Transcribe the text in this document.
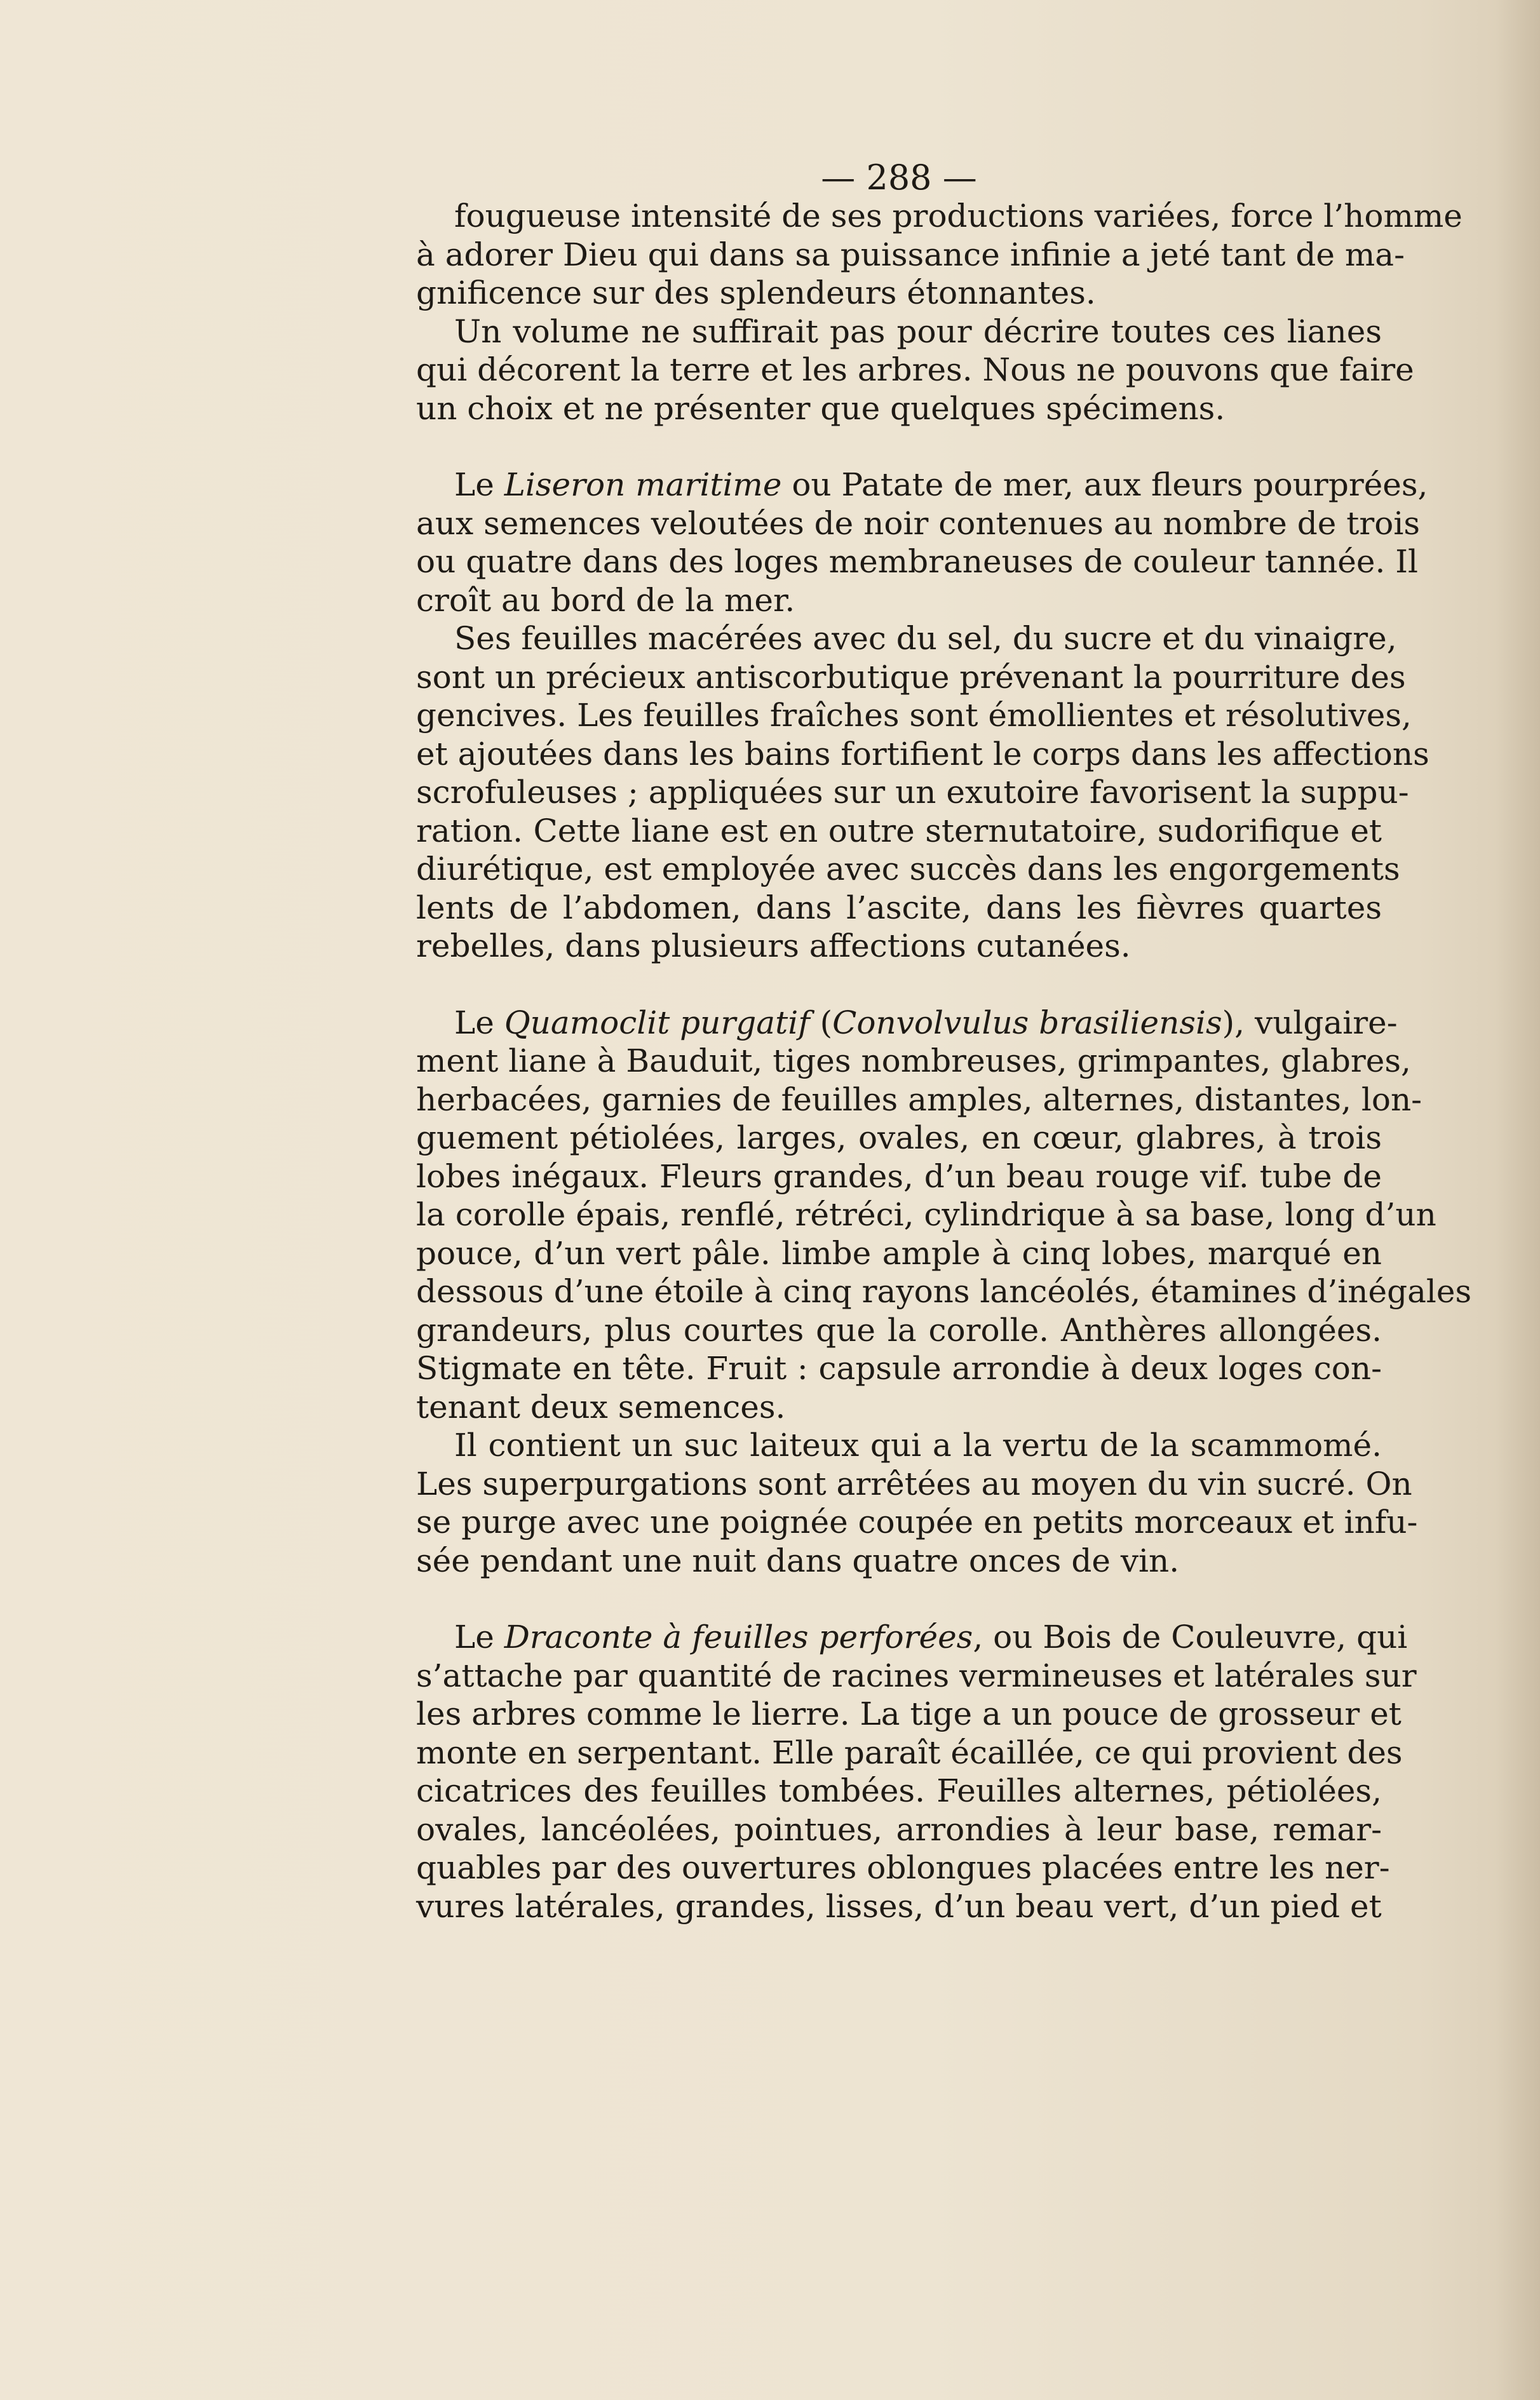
— 288 —
fougueuse intensité de ses productions variées, force l’homme
à adorer Dieu qui dans sa puissance infinie a jeté tant de ma-
gnificence sur des splendeurs étonnantes.
Un volume ne suffirait pas pour décrire toutes ces lianes
qui décorent la terre et les arbres. Nous ne pouvons que faire
un choix et ne présenter que quelques spécimens.
Le Liseron maritime ou Patate de mer, aux fleurs pourprées,
aux semences veloutées de noir contenues au nombre de trois
ou quatre dans des loges membraneuses de couleur tannée. Il
croît au bord de la mer.
Ses feuilles macérées avec du sel, du sucre et du vinaigre,
sont un précieux antiscorbutique prévenant la pourriture des
gencives. Les feuilles fraîches sont émollientes et résolutives,
et ajoutées dans les bains fortifient le corps dans les affections
scrofuleuses ; appliquées sur un exutoire favorisent la suppu-
ration. Cette liane est en outre sternutatoire, sudorifique et
diurétique, est employée avec succès dans les engorgements
lents de l’abdomen, dans l’ascite, dans les fièvres quartes
rebelles, dans plusieurs affections cutanées.
Le Quamoclit purgatif (Convolvulus brasiliensis), vulgaire-
ment liane à Bauduit, tiges nombreuses, grimpantes, glabres,
herbacées, garnies de feuilles amples, alternes, distantes, lon-
guement pétiolées, larges, ovales, en cœur, glabres, à trois
lobes inégaux. Fleurs grandes, d’un beau rouge vif. tube de
la corolle épais, renflé, rétréci, cylindrique à sa base, long d’un
pouce, d’un vert pâle. limbe ample à cinq lobes, marqué en
dessous d’une étoile à cinq rayons lancéolés, étamines d’inégales
grandeurs, plus courtes que la corolle. Anthères allongées.
Stigmate en tête. Fruit : capsule arrondie à deux loges con-
tenant deux semences.
Il contient un suc laiteux qui a la vertu de la scammomé.
Les superpurgations sont arrêtées au moyen du vin sucré. On
se purge avec une poignée coupée en petits morceaux et infu-
sée pendant une nuit dans quatre onces de vin.
Le Draconte à feuilles perforées, ou Bois de Couleuvre, qui
s’attache par quantité de racines vermineuses et latérales sur
les arbres comme le lierre. La tige a un pouce de grosseur et
monte en serpentant. Elle paraît écaillée, ce qui provient des
cicatrices des feuilles tombées. Feuilles alternes, pétiolées,
ovales, lancéolées, pointues, arrondies à leur base, remar-
quables par des ouvertures oblongues placées entre les ner-
vures latérales, grandes, lisses, d’un beau vert, d’un pied et
